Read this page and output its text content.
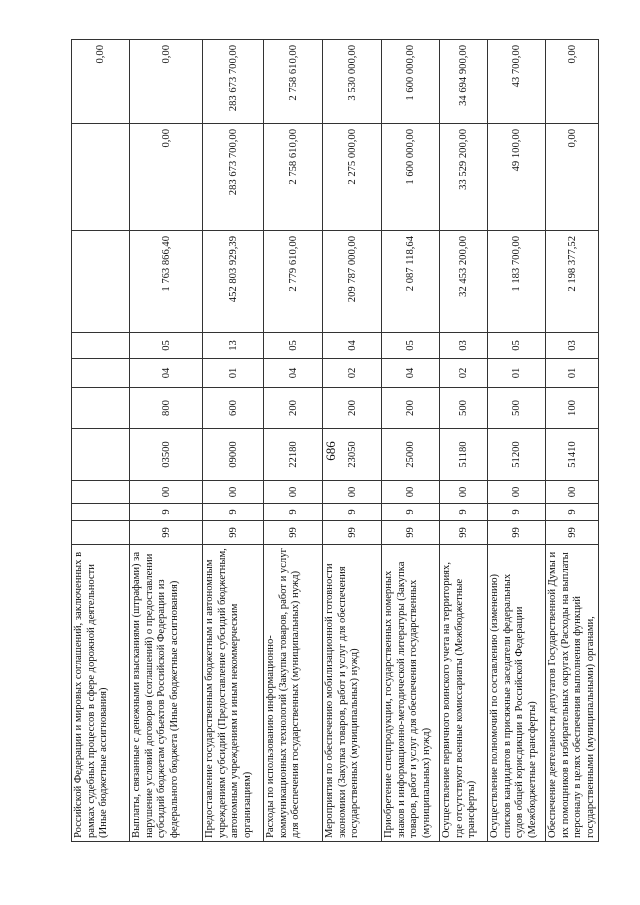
686
Российской Федерации и мировых соглашений, заключенных в рамках судебных процессов в сфере дорожной деятельности (Иные бюджетные ассигнования)										0,00
Выплаты, связанные с денежными взысканиями (штрафами) за нарушение условий договоров (соглашений) о предоставлении субсидий бюджетам субъектов Российской Федерации из федерального бюджета (Иные бюджетные ассигнования)	99	9	00	03500	800	04	05	1 763 866,40	0,00	0,00
Предоставление государственным бюджетным и автономным учреждениям субсидий (Предоставление субсидий бюджетным, автономным учреждениям и иным некоммерческим организациям)	99	9	00	09000	600	01	13	452 803 929,39	283 673 700,00	283 673 700,00
Расходы по использованию информационно-коммуникационных технологий (Закупка товаров, работ и услуг для обеспечения государственных (муниципальных) нужд)	99	9	00	22180	200	04	05	2 779 610,00	2 758 610,00	2 758 610,00
Мероприятия по обеспечению мобилизационной готовности экономики (Закупка товаров, работ и услуг для обеспечения государственных (муниципальных) нужд)	99	9	00	23050	200	02	04	209 787 000,00	2 275 000,00	3 530 000,00
Приобретение спецпродукции, государственных номерных знаков и информационно-методической литературы (Закупка товаров, работ и услуг для обеспечения государственных (муниципальных) нужд)	99	9	00	25000	200	04	05	2 087 118,64	1 600 000,00	1 600 000,00
Осуществление первичного воинского учета на территориях, где отсутствуют военные комиссариаты (Межбюджетные трансферты)	99	9	00	51180	500	02	03	32 453 200,00	33 529 200,00	34 694 900,00
Осуществление полномочий по составлению (изменению) списков кандидатов в присяжные заседатели федеральных судов общей юрисдикции в Российской Федерации (Межбюджетные трансферты)	99	9	00	51200	500	01	05	1 183 700,00	49 100,00	43 700,00
Обеспечение деятельности депутатов Государственной Думы и их помощников в избирательных округах (Расходы на выплаты персоналу в целях обеспечения выполнения функций государственными (муниципальными) органами,	99	9	00	51410	100	01	03	2 198 377,52	0,00	0,00
